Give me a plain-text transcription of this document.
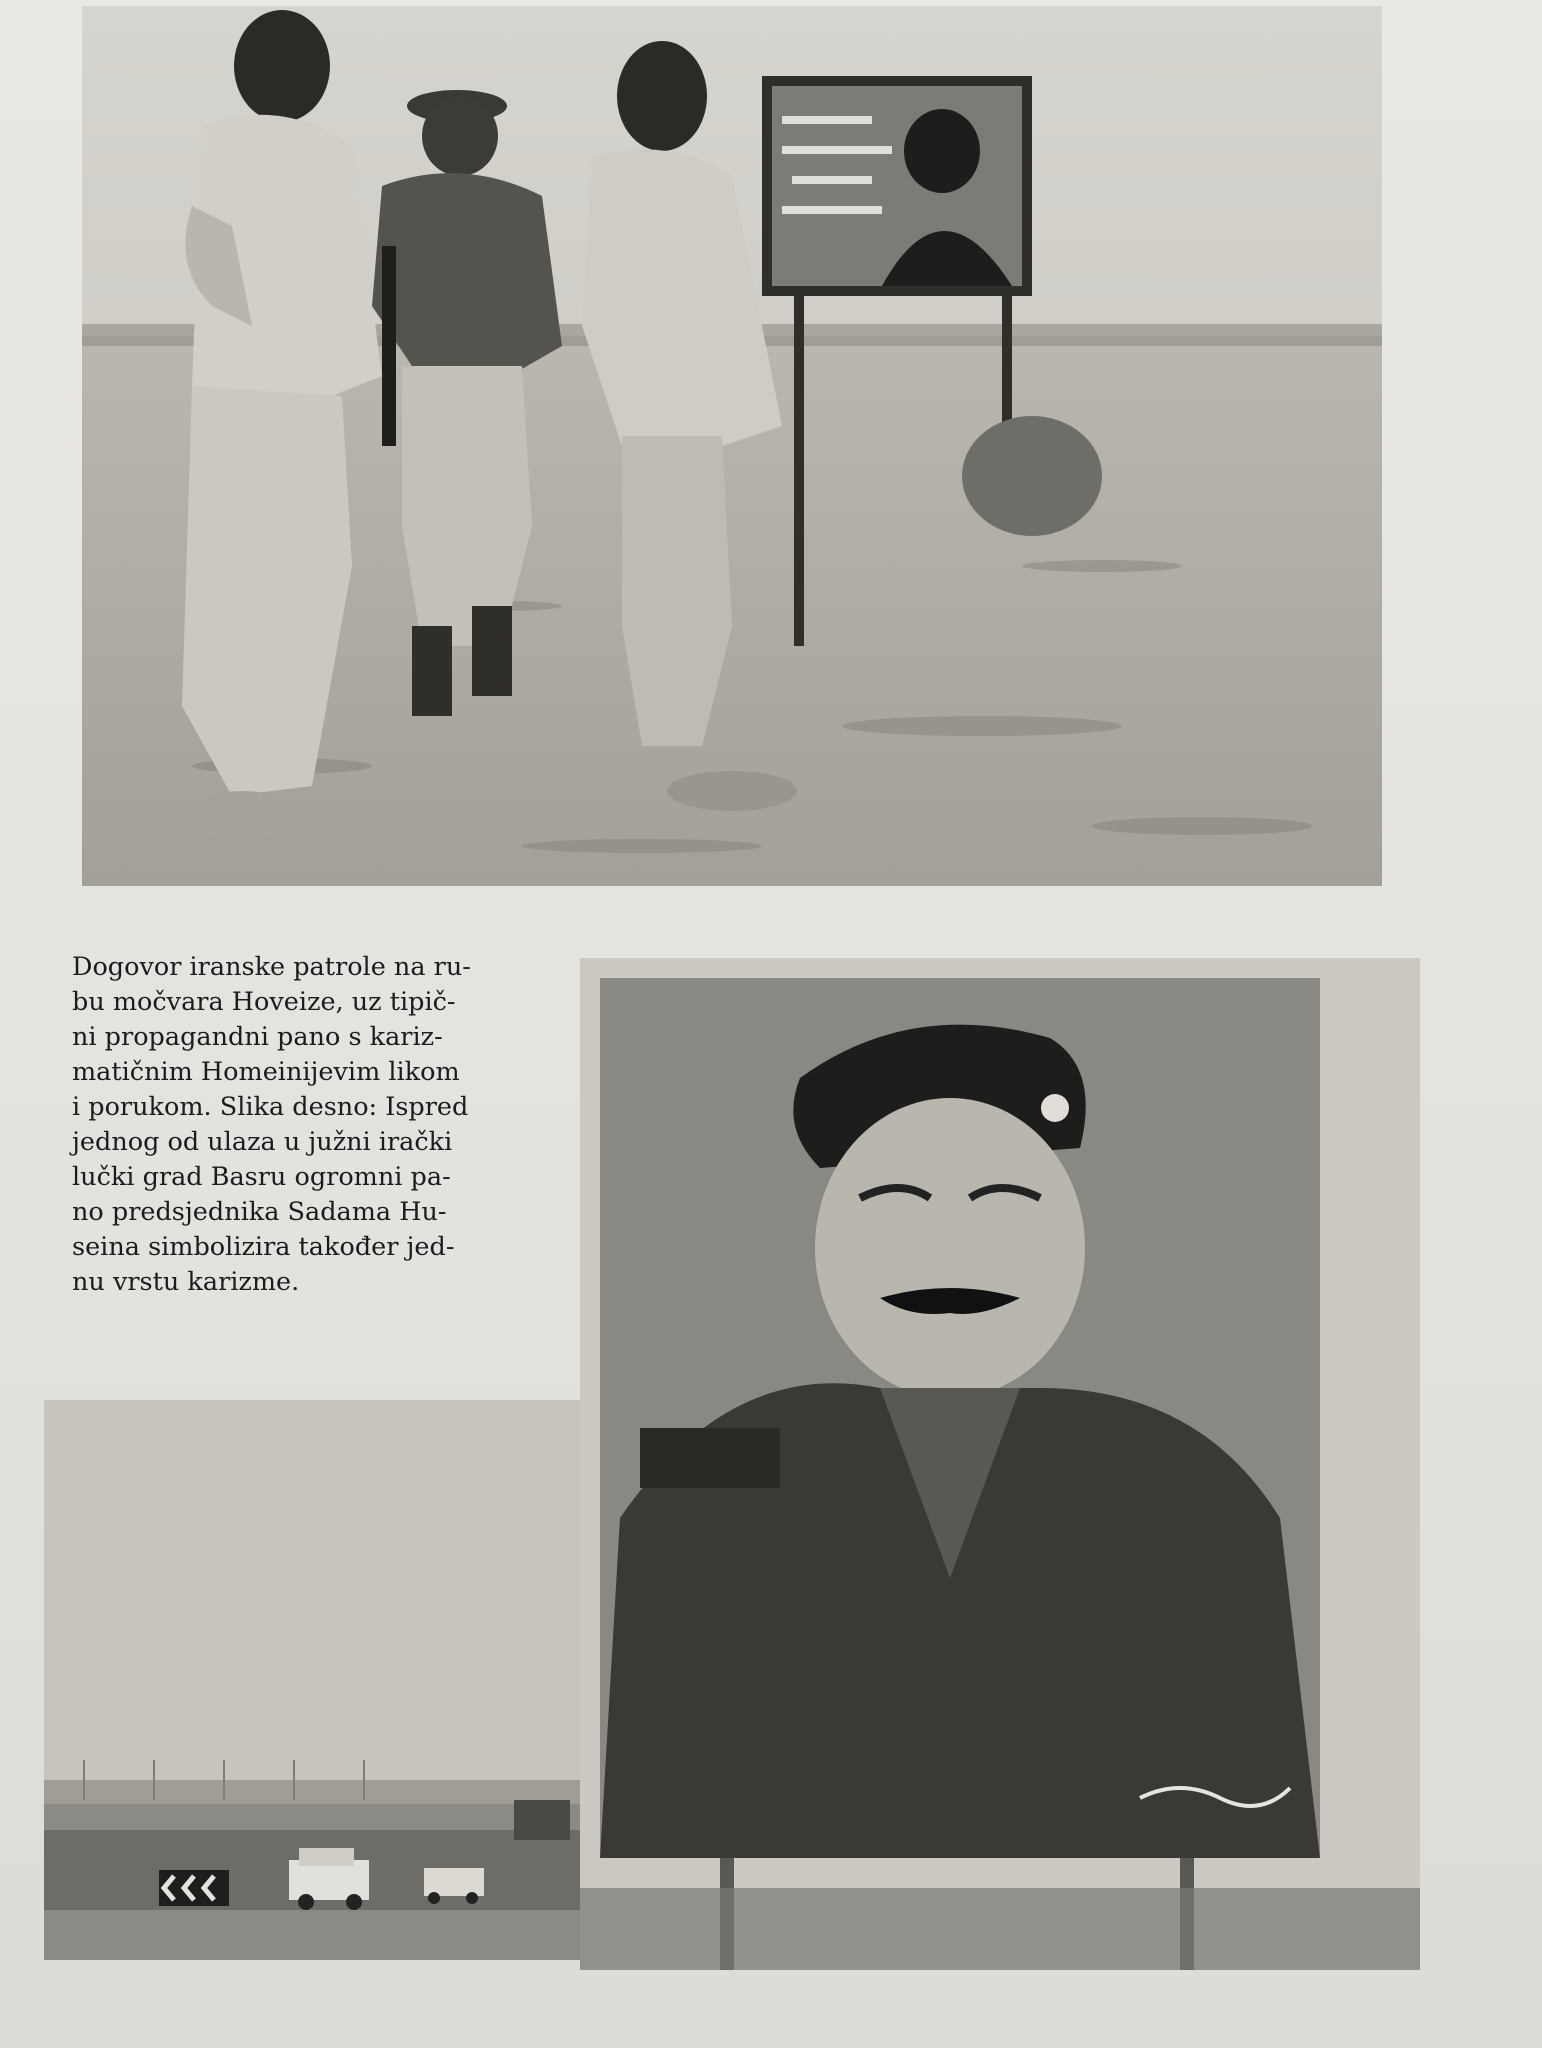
Dogovor iranske patrole na ru-
bu močvara Hoveize, uz tipič-
ni propagandni pano s kariz-
matičnim Homeinijevim likom
i porukom. Slika desno: Ispred
jednog od ulaza u južni irački
lučki grad Basru ogromni pa-
no predsjednika Sadama Hu-
seina simbolizira također jed-
nu vrstu karizme.
